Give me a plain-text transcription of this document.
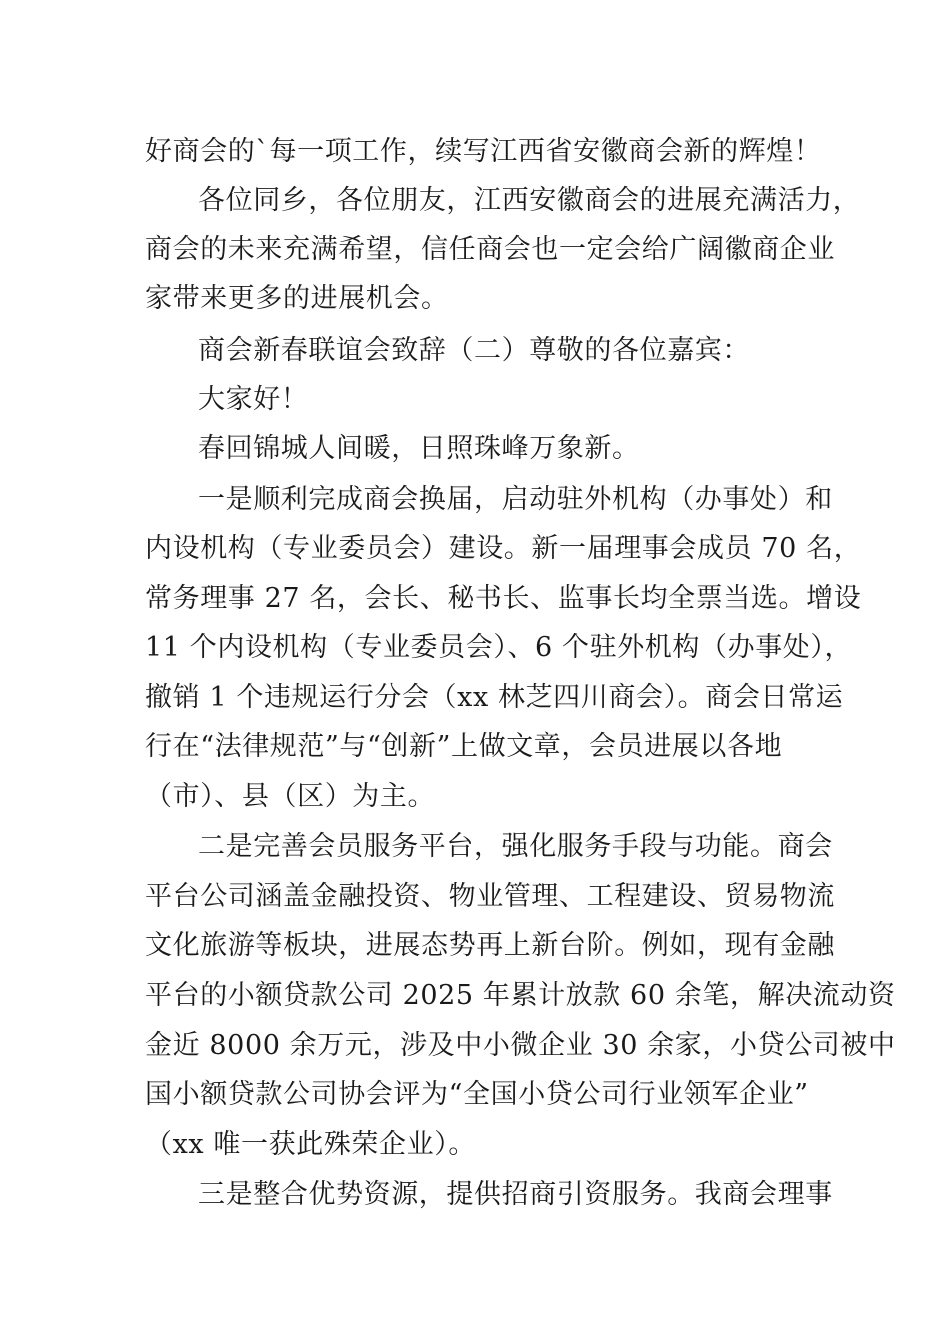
好商会的`每一项工作，续写江西省安徽商会新的辉煌！
各位同乡，各位朋友，江西安徽商会的进展充满活力，
商会的未来充满希望，信任商会也一定会给广阔徽商企业
家带来更多的进展机会。
商会新春联谊会致辞（二）尊敬的各位嘉宾：
大家好！
春回锦城人间暖，日照珠峰万象新。
一是顺利完成商会换届，启动驻外机构（办事处）和
内设机构（专业委员会）建设。新一届理事会成员 70 名，
常务理事 27 名，会长、秘书长、监事长均全票当选。增设
11 个内设机构（专业委员会）、6 个驻外机构（办事处），
撤销 1 个违规运行分会（xx 林芝四川商会）。商会日常运
行在“法律规范”与“创新”上做文章，会员进展以各地
（市）、县（区）为主。
二是完善会员服务平台，强化服务手段与功能。商会
平台公司涵盖金融投资、物业管理、工程建设、贸易物流
文化旅游等板块，进展态势再上新台阶。例如，现有金融
平台的小额贷款公司 2025 年累计放款 60 余笔，解决流动资
金近 8000 余万元，涉及中小微企业 30 余家，小贷公司被中
国小额贷款公司协会评为“全国小贷公司行业领军企业”
（xx 唯一获此殊荣企业）。
三是整合优势资源，提供招商引资服务。我商会理事
